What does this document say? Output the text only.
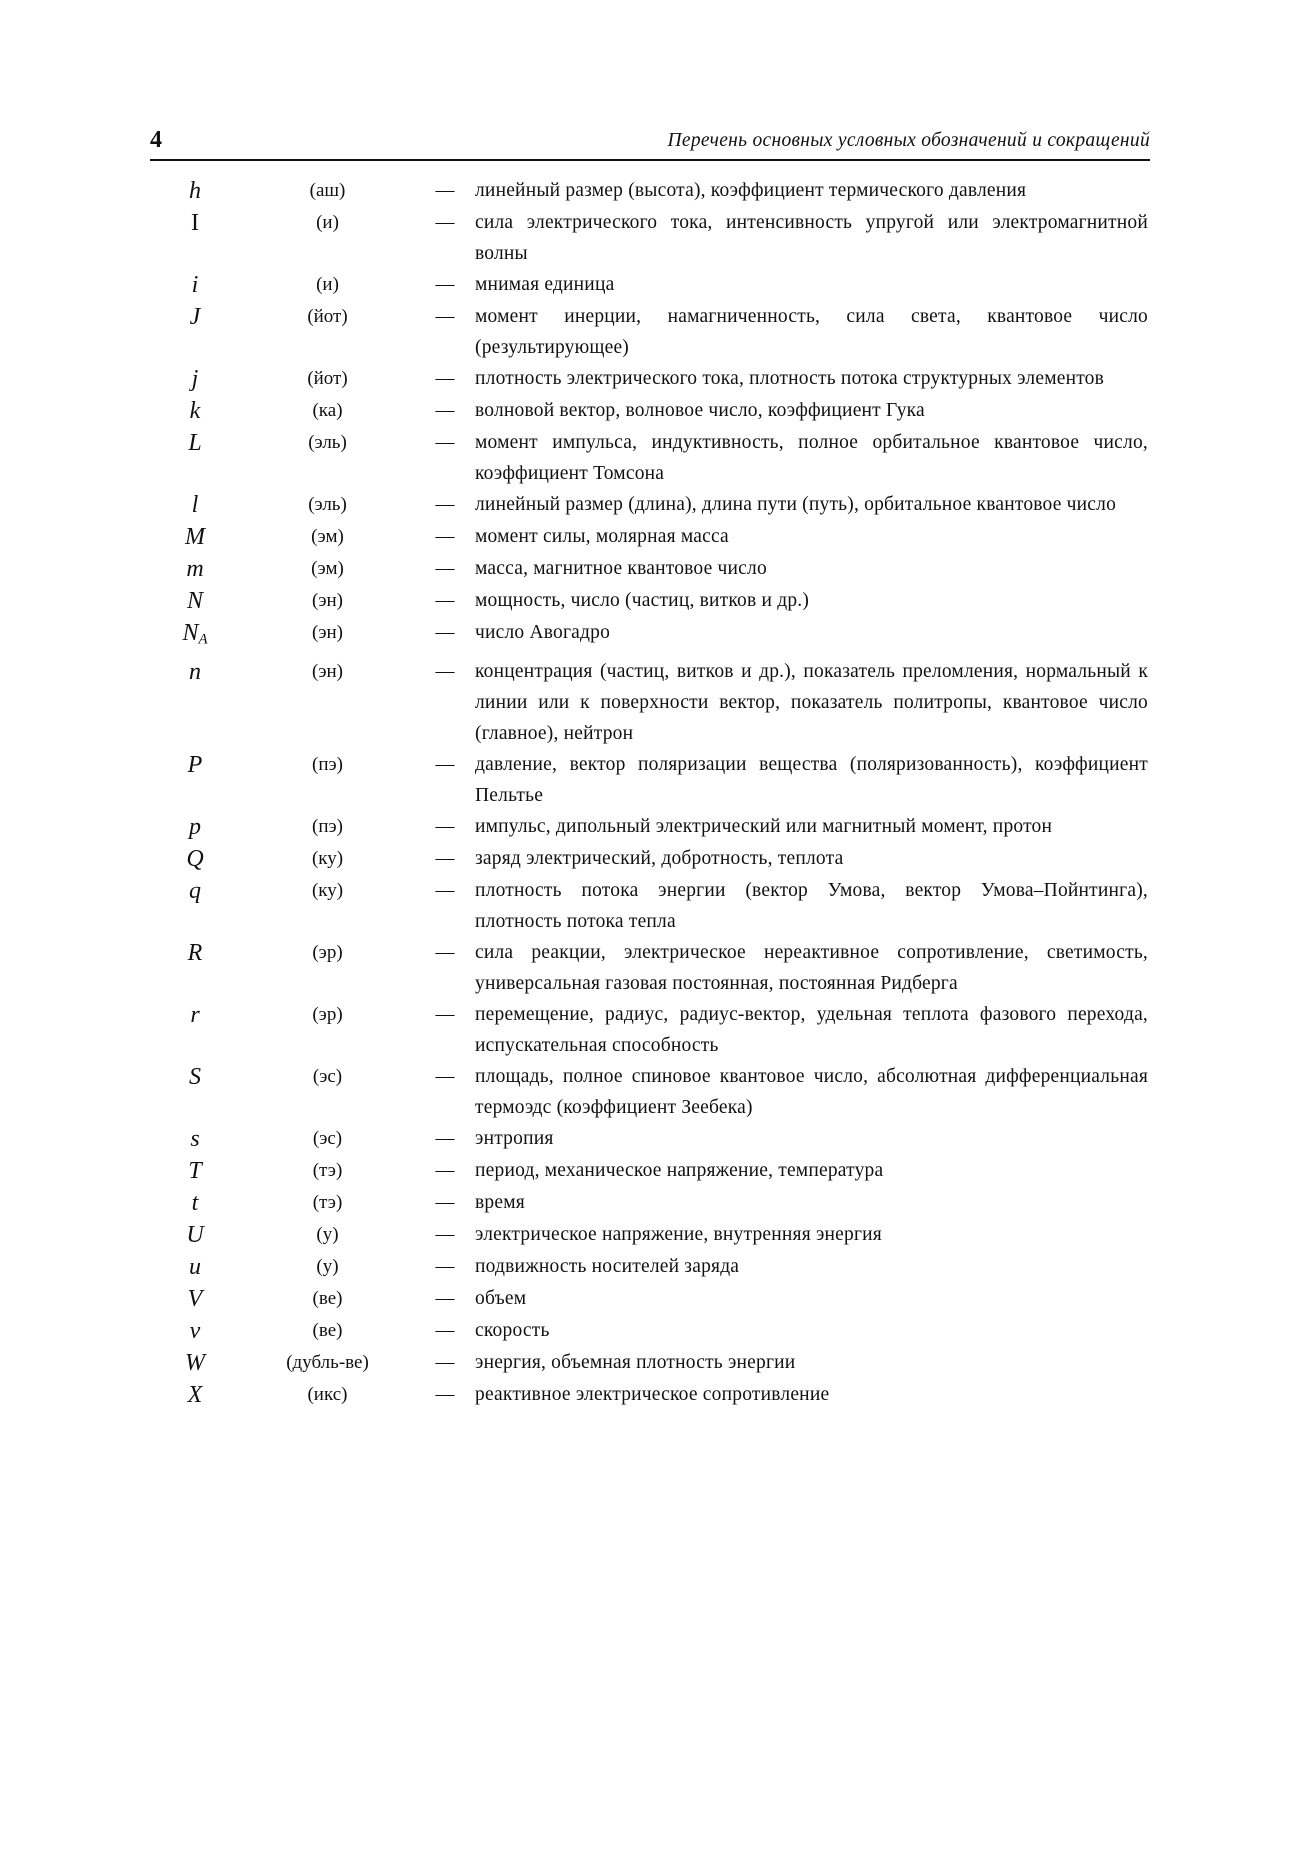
4	Перечень основных условных обозначений и сокращений
h	(аш)	—	линейный размер (высота), коэффициент термического давления
I	(и)	—	сила электрического тока, интенсивность упругой или электромагнитной волны
i	(и)	—	мнимая единица
J	(йот)	—	момент инерции, намагниченность, сила света, квантовое число (результирующее)
j	(йот)	—	плотность электрического тока, плотность потока структурных элементов
k	(ка)	—	волновой вектор, волновое число, коэффициент Гука
L	(эль)	—	момент импульса, индуктивность, полное орбитальное квантовое число, коэффициент Томсона
l	(эль)	—	линейный размер (длина), длина пути (путь), орбитальное квантовое число
M	(эм)	—	момент силы, молярная масса
m	(эм)	—	масса, магнитное квантовое число
N	(эн)	—	мощность, число (частиц, витков и др.)
$N_A$	(эн)	—	число Авогадро
n	(эн)	—	концентрация (частиц, витков и др.), показатель преломления, нормальный к линии или к поверхности вектор, показатель политропы, квантовое число (главное), нейтрон
P	(пэ)	—	давление, вектор поляризации вещества (поляризованность), коэффициент Пельтье
p	(пэ)	—	импульс, дипольный электрический или магнитный момент, протон
Q	(ку)	—	заряд электрический, добротность, теплота
q	(ку)	—	плотность потока энергии (вектор Умова, вектор Умова–Пойнтинга), плотность потока тепла
R	(эр)	—	сила реакции, электрическое нереактивное сопротивление, светимость, универсальная газовая постоянная, постоянная Ридберга
r	(эр)	—	перемещение, радиус, радиус-вектор, удельная теплота фазового перехода, испускательная способность
S	(эс)	—	площадь, полное спиновое квантовое число, абсолютная дифференциальная термоэдс (коэффициент Зеебека)
s	(эс)	—	энтропия
T	(тэ)	—	период, механическое напряжение, температура
t	(тэ)	—	время
U	(у)	—	электрическое напряжение, внутренняя энергия
u	(у)	—	подвижность носителей заряда
V	(ве)	—	объем
v	(ве)	—	скорость
W	(дубль-ве)	—	энергия, объемная плотность энергии
X	(икс)	—	реактивное электрическое сопротивление
